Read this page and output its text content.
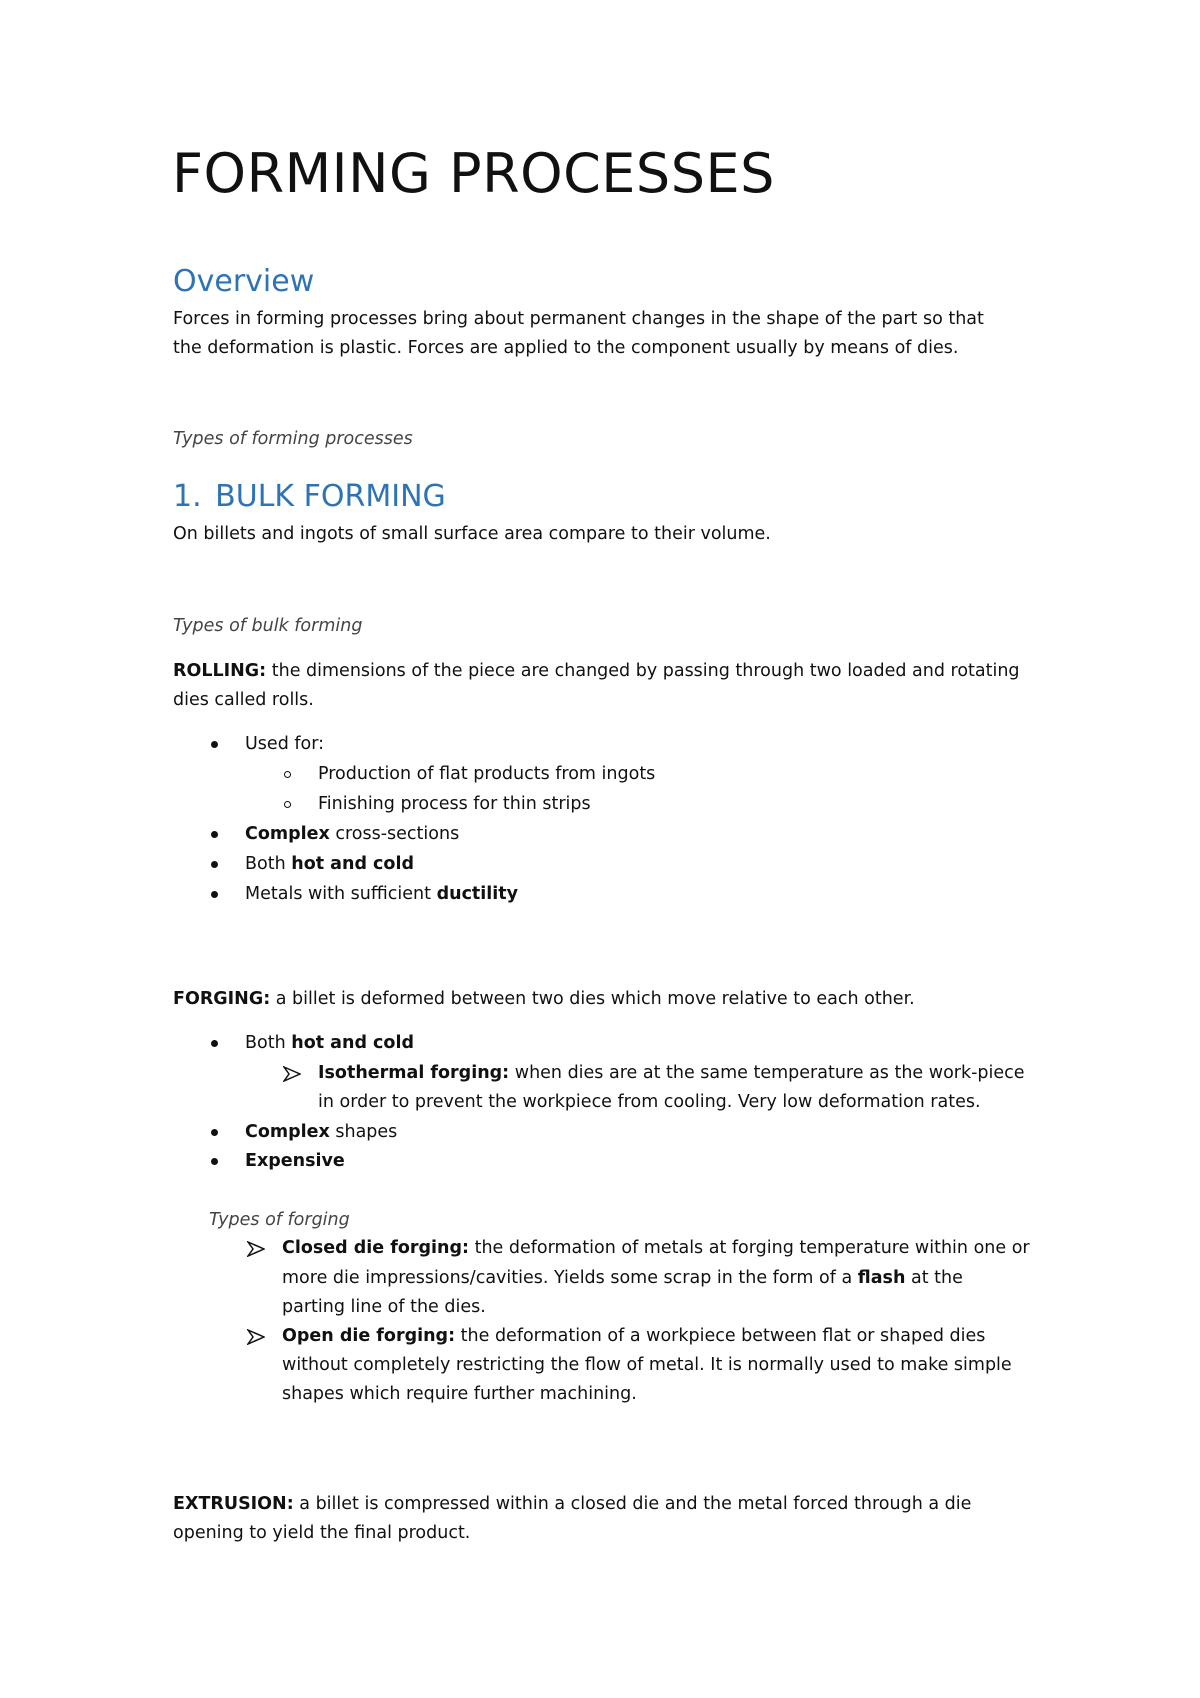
FORMING PROCESSES
Overview
Forces in forming processes bring about permanent changes in the shape of the part so that
the deformation is plastic. Forces are applied to the component usually by means of dies.
Types of forming processes
1. BULK FORMING
On billets and ingots of small surface area compare to their volume.
Types of bulk forming
ROLLING: the dimensions of the piece are changed by passing through two loaded and rotating
dies called rolls.
Used for:
Production of flat products from ingots
Finishing process for thin strips
Complex cross-sections
Both hot and cold
Metals with sufficient ductility
FORGING: a billet is deformed between two dies which move relative to each other.
Both hot and cold
Isothermal forging: when dies are at the same temperature as the work-piece
in order to prevent the workpiece from cooling. Very low deformation rates.
Complex shapes
Expensive
Types of forging
Closed die forging: the deformation of metals at forging temperature within one or
more die impressions/cavities. Yields some scrap in the form of a flash at the
parting line of the dies.
Open die forging: the deformation of a workpiece between flat or shaped dies
without completely restricting the flow of metal. It is normally used to make simple
shapes which require further machining.
EXTRUSION: a billet is compressed within a closed die and the metal forced through a die
opening to yield the final product.
